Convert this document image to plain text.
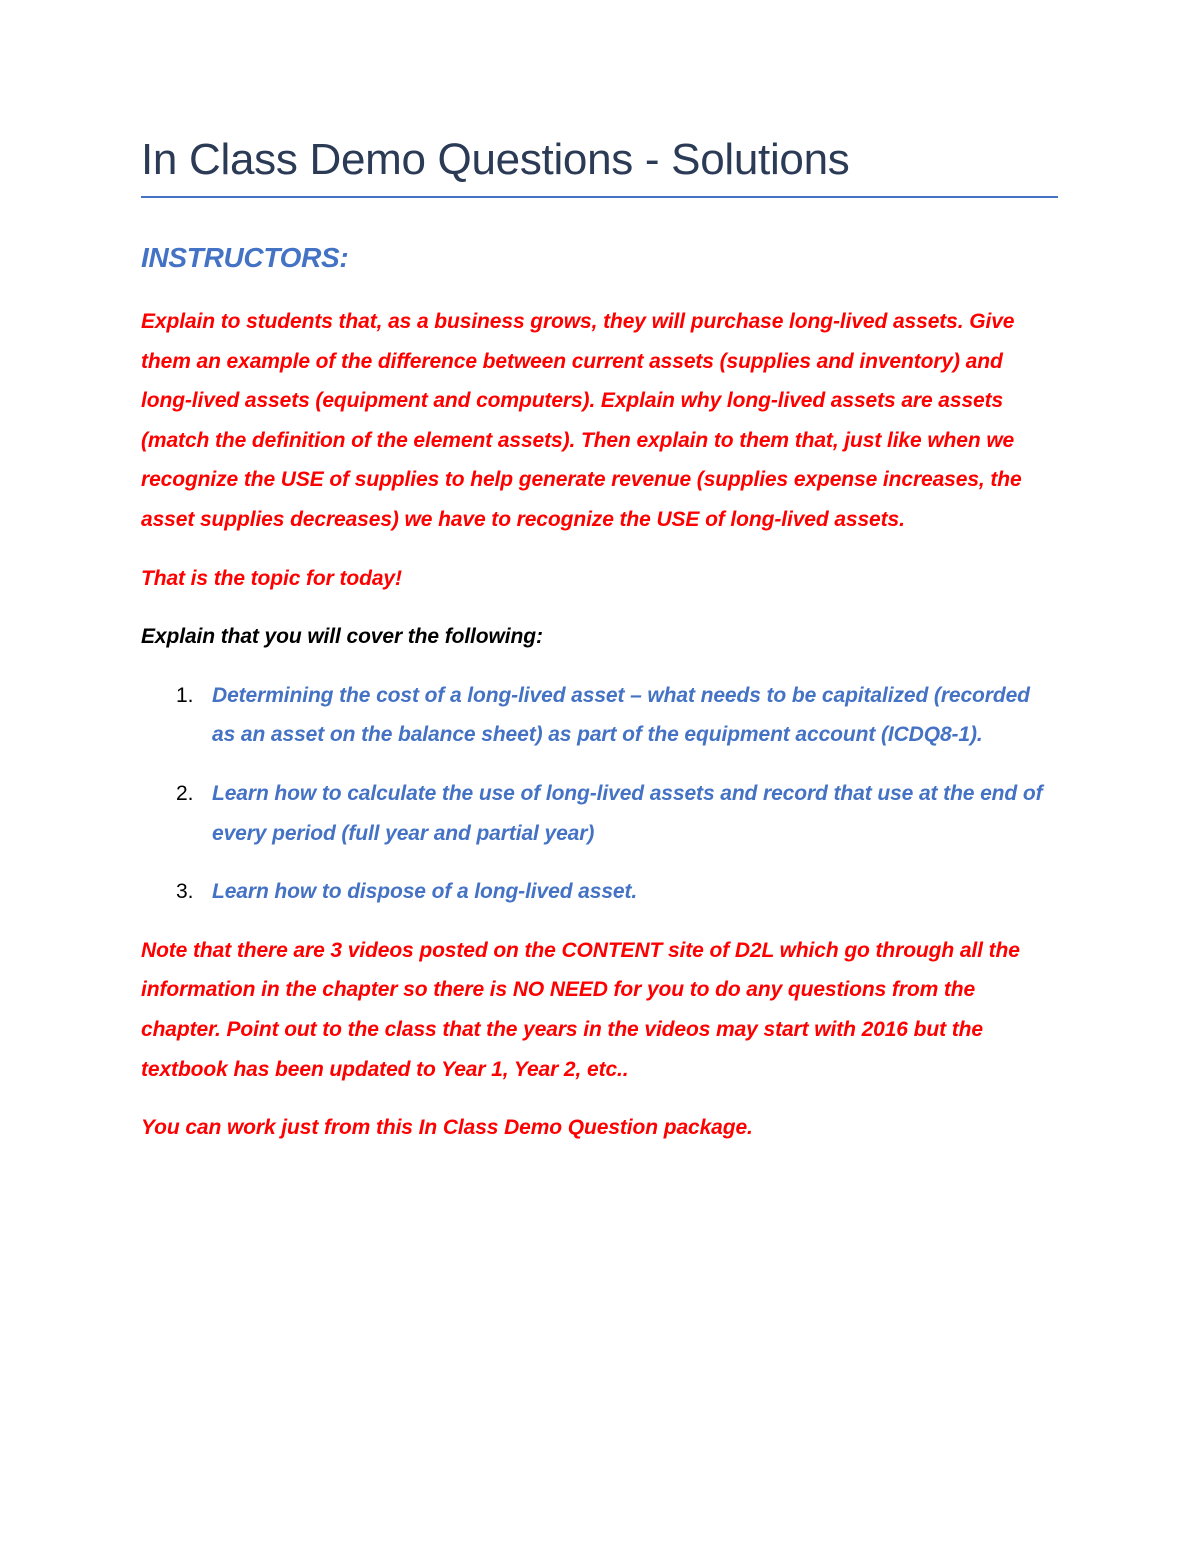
In Class Demo Questions - Solutions
INSTRUCTORS:

Explain to students that, as a business grows, they will purchase long-lived assets. Give them an example of the difference between current assets (supplies and inventory) and long-lived assets (equipment and computers). Explain why long-lived assets are assets (match the definition of the element assets). Then explain to them that, just like when we recognize the USE of supplies to help generate revenue (supplies expense increases, the asset supplies decreases) we have to recognize the USE of long-lived assets.

That is the topic for today!

Explain that you will cover the following:

1. Determining the cost of a long-lived asset – what needs to be capitalized (recorded as an asset on the balance sheet) as part of the equipment account (ICDQ8-1).
2. Learn how to calculate the use of long-lived assets and record that use at the end of every period (full year and partial year)
3. Learn how to dispose of a long-lived asset.

Note that there are 3 videos posted on the CONTENT site of D2L which go through all the information in the chapter so there is NO NEED for you to do any questions from the chapter. Point out to the class that the years in the videos may start with 2016 but the textbook has been updated to Year 1, Year 2, etc..

You can work just from this In Class Demo Question package.
